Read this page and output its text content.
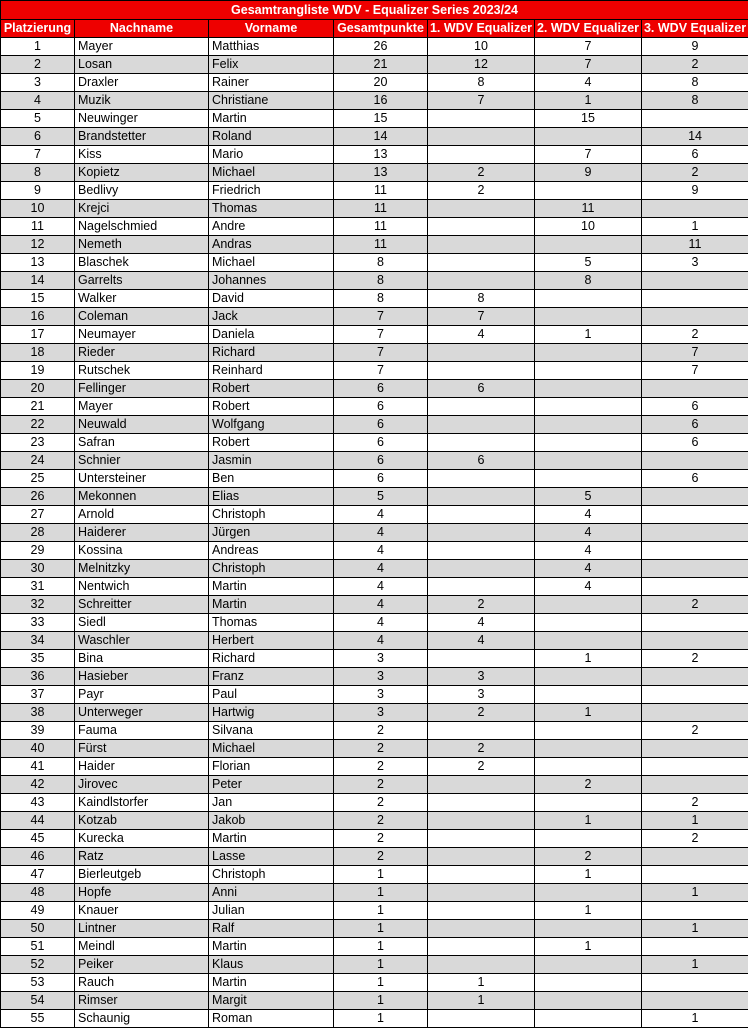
Gesamtrangliste WDV - Equalizer Series 2023/24						
Platzierung	Nachname	Vorname	Gesamtpunkte	1. WDV Equalizer	2. WDV Equalizer	3. WDV Equalizer
1	Mayer	Matthias	26	10	7	9
2	Losan	Felix	21	12	7	2
3	Draxler	Rainer	20	8	4	8
4	Muzik	Christiane	16	7	1	8
5	Neuwinger	Martin	15		15	
6	Brandstetter	Roland	14			14
7	Kiss	Mario	13		7	6
8	Kopietz	Michael	13	2	9	2
9	Bedlivy	Friedrich	11	2		9
10	Krejci	Thomas	11		11	
11	Nagelschmied	Andre	11		10	1
12	Nemeth	Andras	11			11
13	Blaschek	Michael	8		5	3
14	Garrelts	Johannes	8		8	
15	Walker	David	8	8		
16	Coleman	Jack	7	7		
17	Neumayer	Daniela	7	4	1	2
18	Rieder	Richard	7			7
19	Rutschek	Reinhard	7			7
20	Fellinger	Robert	6	6		
21	Mayer	Robert	6			6
22	Neuwald	Wolfgang	6			6
23	Safran	Robert	6			6
24	Schnier	Jasmin	6	6		
25	Untersteiner	Ben	6			6
26	Mekonnen	Elias	5		5	
27	Arnold	Christoph	4		4	
28	Haiderer	Jürgen	4		4	
29	Kossina	Andreas	4		4	
30	Melnitzky	Christoph	4		4	
31	Nentwich	Martin	4		4	
32	Schreitter	Martin	4	2		2
33	Siedl	Thomas	4	4		
34	Waschler	Herbert	4	4		
35	Bina	Richard	3		1	2
36	Hasieber	Franz	3	3		
37	Payr	Paul	3	3		
38	Unterweger	Hartwig	3	2	1	
39	Fauma	Silvana	2			2
40	Fürst	Michael	2	2		
41	Haider	Florian	2	2		
42	Jirovec	Peter	2		2	
43	Kaindlstorfer	Jan	2			2
44	Kotzab	Jakob	2		1	1
45	Kurecka	Martin	2			2
46	Ratz	Lasse	2		2	
47	Bierleutgeb	Christoph	1		1	
48	Hopfe	Anni	1			1
49	Knauer	Julian	1		1	
50	Lintner	Ralf	1			1
51	Meindl	Martin	1		1	
52	Peiker	Klaus	1			1
53	Rauch	Martin	1	1		
54	Rimser	Margit	1	1		
55	Schaunig	Roman	1			1
